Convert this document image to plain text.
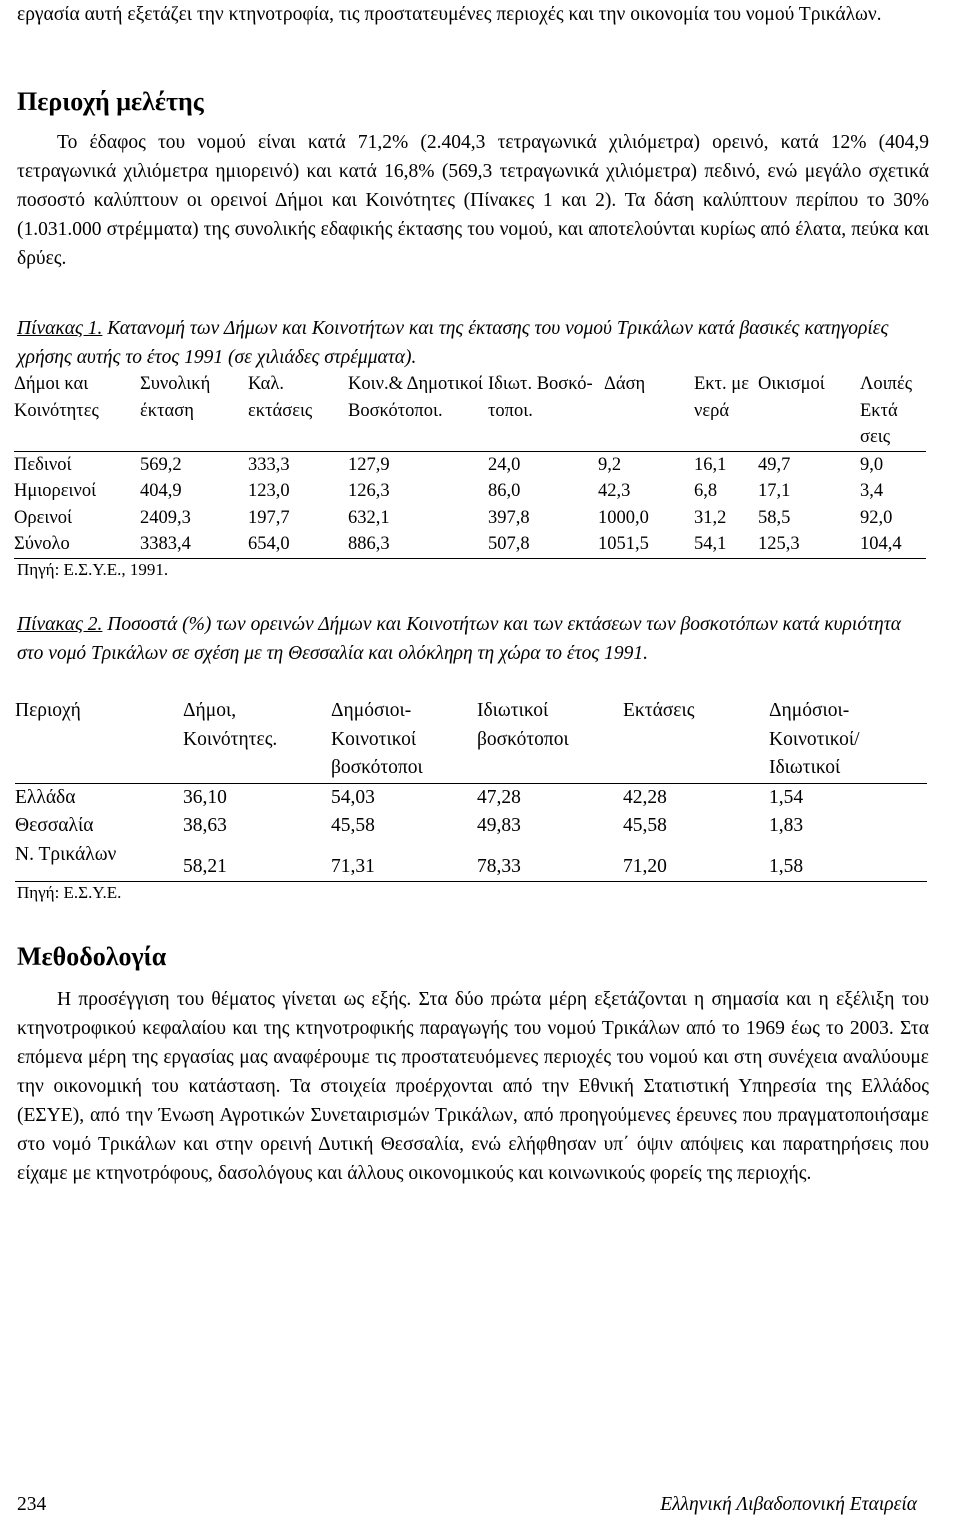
εργασία αυτή εξετάζει την κτηνοτροφία, τις προστατευμένες περιοχές και την οικονομία του νομού Τρικάλων.

Περιοχή μελέτης

Το έδαφος του νομού είναι κατά 71,2% (2.404,3 τετραγωνικά χιλιόμετρα) ορεινό, κατά 12% (404,9 τετραγωνικά χιλιόμετρα ημιορεινό) και κατά 16,8% (569,3 τετραγωνικά χιλιόμετρα) πεδινό, ενώ μεγάλο σχετικά ποσοστό καλύπτουν οι ορεινοί Δήμοι και Κοινότητες (Πίνακες 1 και 2). Τα δάση καλύπτουν περίπου το 30% (1.031.000 στρέμματα) της συνολικής εδαφικής έκτασης του νομού, και αποτελούνται κυρίως από έλατα, πεύκα και δρύες.

Πίνακας 1. Κατανομή των Δήμων και Κοινοτήτων και της έκτασης του νομού Τρικάλων κατά βασικές κατηγορίες χρήσης αυτής το έτος 1991 (σε χιλιάδες στρέμματα).

Δήμοι και Κοινότητες	Συνολική έκταση	Καλ. εκτάσεις	Κοιν.& Δημοτικοί Βοσκότοποι.	Ιδιωτ. Βοσκό-τοποι.	Δάση	Εκτ. με νερά	Οικισμοί	Λοιπές Εκτά σεις
Πεδινοί	569,2	333,3	127,9	24,0	9,2	16,1	49,7	9,0
Ημιορεινοί	404,9	123,0	126,3	86,0	42,3	6,8	17,1	3,4
Ορεινοί	2409,3	197,7	632,1	397,8	1000,0	31,2	58,5	92,0
Σύνολο	3383,4	654,0	886,3	507,8	1051,5	54,1	125,3	104,4

Πηγή: Ε.Σ.Υ.Ε., 1991.

Πίνακας 2. Ποσοστά (%) των ορεινών Δήμων και Κοινοτήτων και των εκτάσεων των βοσκοτόπων κατά κυριότητα στο νομό Τρικάλων σε σχέση με τη Θεσσαλία και ολόκληρη τη χώρα το έτος 1991.

Περιοχή	Δήμοι, Κοινότητες.	Δημόσιοι-Κοινοτικοί βοσκότοποι	Ιδιωτικοί βοσκότοποι	Εκτάσεις	Δημόσιοι-Κοινοτικοί/Ιδιωτικοί
Ελλάδα	36,10	54,03	47,28	42,28	1,54
Θεσσαλία	38,63	45,58	49,83	45,58	1,83
Ν. Τρικάλων	58,21	71,31	78,33	71,20	1,58

Πηγή: Ε.Σ.Υ.Ε.

Μεθοδολογία

Η προσέγγιση του θέματος γίνεται ως εξής. Στα δύο πρώτα μέρη εξετάζονται η σημασία και η εξέλιξη του κτηνοτροφικού κεφαλαίου και της κτηνοτροφικής παραγωγής του νομού Τρικάλων από το 1969 έως το 2003. Στα επόμενα μέρη της εργασίας μας αναφέρουμε τις προστατευόμενες περιοχές του νομού και στη συνέχεια αναλύουμε την οικονομική του κατάσταση. Τα στοιχεία προέρχονται από την Εθνική Στατιστική Υπηρεσία της Ελλάδος (ΕΣΥΕ), από την Ένωση Αγροτικών Συνεταιρισμών Τρικάλων, από προηγούμενες έρευνες που πραγματοποιήσαμε στο νομό Τρικάλων και στην ορεινή Δυτική Θεσσαλία, ενώ ελήφθησαν υπ΄ όψιν απόψεις και παρατηρήσεις που είχαμε με κτηνοτρόφους, δασολόγους και άλλους οικονομικούς και κοινωνικούς φορείς της περιοχής.

234	Ελληνική Λιβαδοπονική Εταιρεία
